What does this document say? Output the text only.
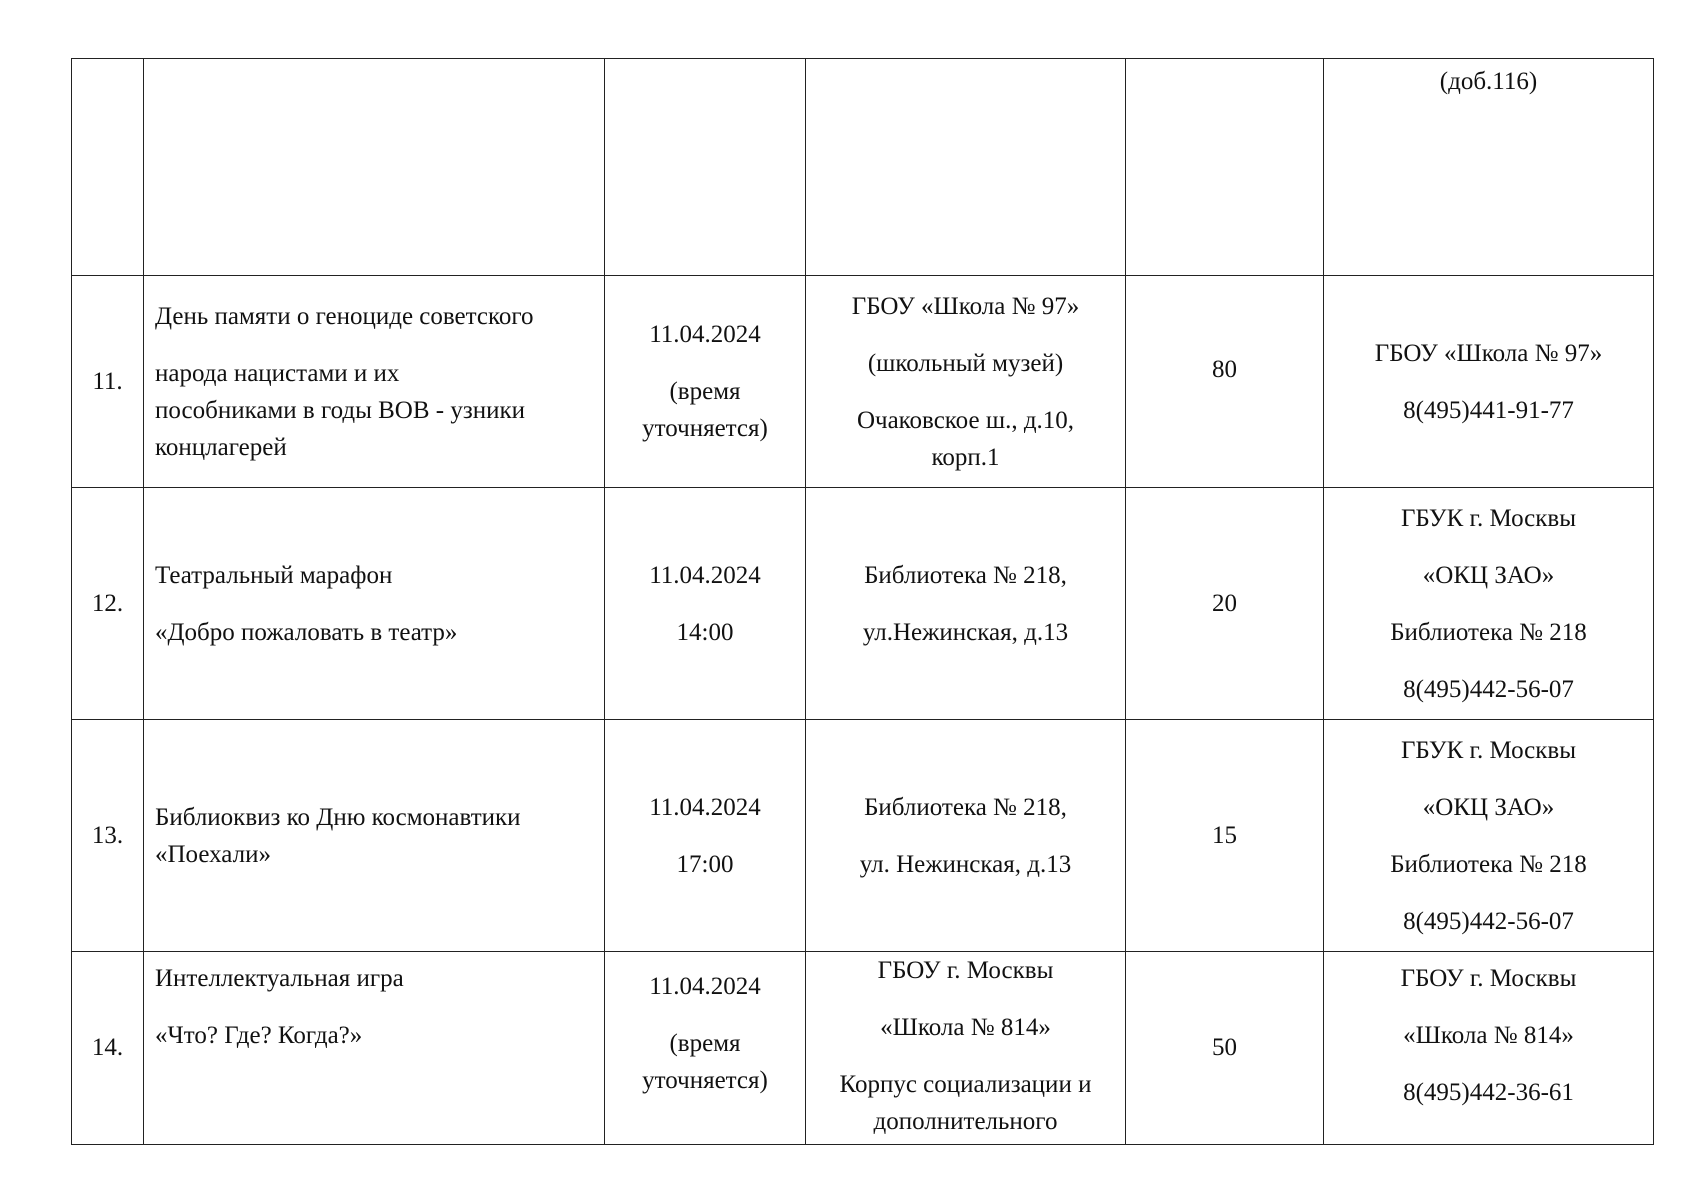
					(доб.116)

11.	День памяти о геноциде советского
народа нацистами и их
пособниками в годы ВОВ - узники
концлагерей	11.04.2024
(время
уточняется)	ГБОУ «Школа № 97»
(школьный музей)
Очаковское ш., д.10,
корп.1	80	ГБОУ «Школа № 97»
8(495)441-91-77

12.	Театральный марафон
«Добро пожаловать в театр»	11.04.2024
14:00	Библиотека № 218,
ул.Нежинская, д.13	20	ГБУК г. Москвы
«ОКЦ ЗАО»
Библиотека № 218
8(495)442-56-07

13.	Библиоквиз ко Дню космонавтики
«Поехали»	11.04.2024
17:00	Библиотека № 218,
ул. Нежинская, д.13	15	ГБУК г. Москвы
«ОКЦ ЗАО»
Библиотека № 218
8(495)442-56-07

14.	Интеллектуальная игра
«Что? Где? Когда?»	11.04.2024
(время
уточняется)	ГБОУ г. Москвы
«Школа № 814»
Корпус социализации и
дополнительного	50	ГБОУ г. Москвы
«Школа № 814»
8(495)442-36-61
